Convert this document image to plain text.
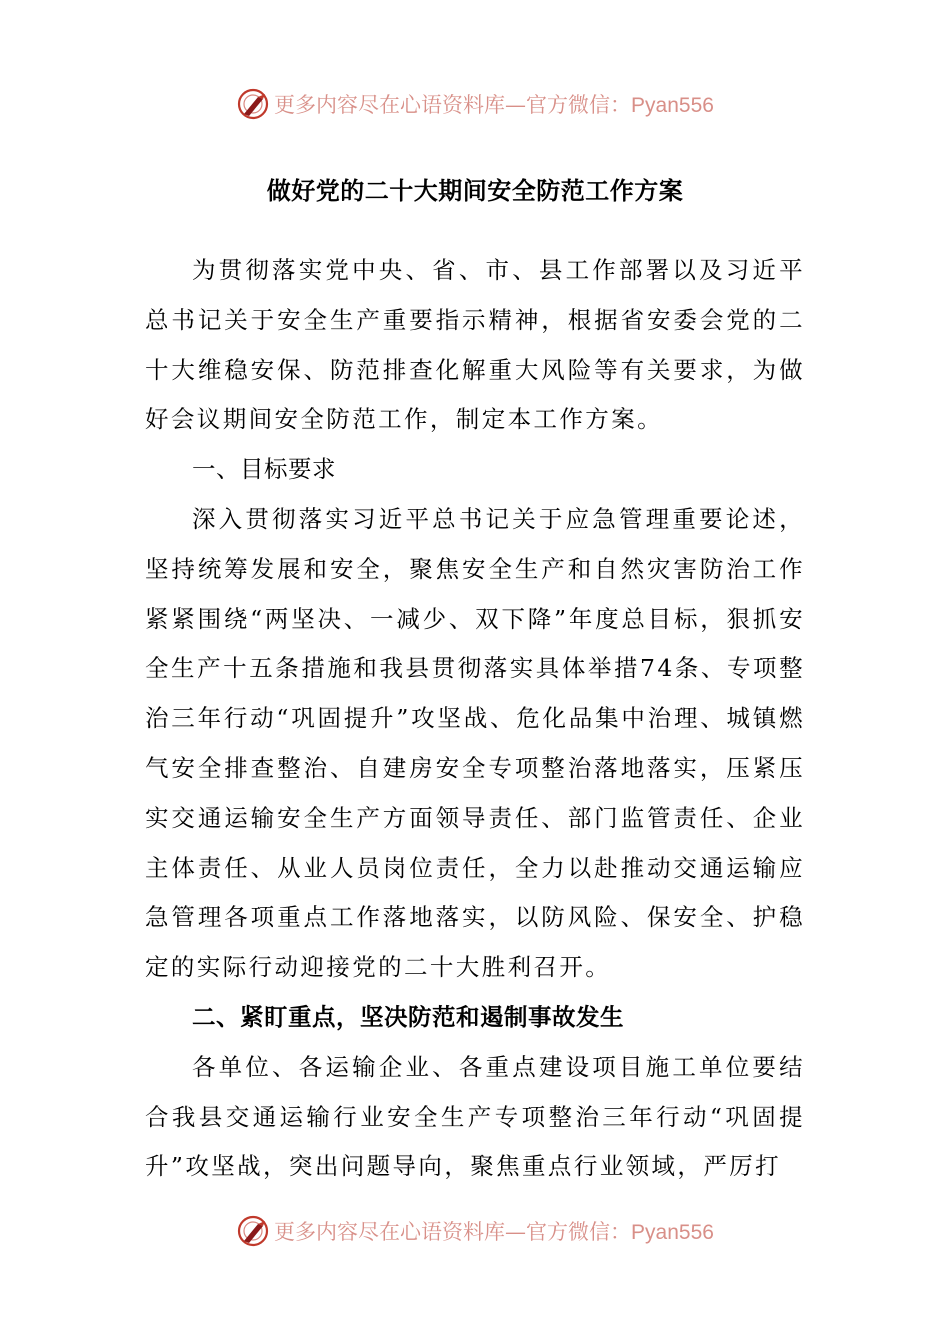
更多内容尽在心语资料库—官方微信：Pyan556
做好党的二十大期间安全防范工作方案

为贯彻落实党中央、省、市、县工作部署以及习近平总书记关于安全生产重要指示精神，根据省安委会党的二十大维稳安保、防范排查化解重大风险等有关要求，为做好会议期间安全防范工作，制定本工作方案。

一、目标要求

深入贯彻落实习近平总书记关于应急管理重要论述，坚持统筹发展和安全，聚焦安全生产和自然灾害防治工作紧紧围绕“两坚决、一减少、双下降”年度总目标，狠抓安全生产十五条措施和我县贯彻落实具体举措74条、专项整治三年行动“巩固提升”攻坚战、危化品集中治理、城镇燃气安全排查整治、自建房安全专项整治落地落实，压紧压实交通运输安全生产方面领导责任、部门监管责任、企业主体责任、从业人员岗位责任，全力以赴推动交通运输应急管理各项重点工作落地落实，以防风险、保安全、护稳定的实际行动迎接党的二十大胜利召开。

二、紧盯重点，坚决防范和遏制事故发生

各单位、各运输企业、各重点建设项目施工单位要结合我县交通运输行业安全生产专项整治三年行动“巩固提升”攻坚战，突出问题导向，聚焦重点行业领域，严厉打

更多内容尽在心语资料库—官方微信：Pyan556
